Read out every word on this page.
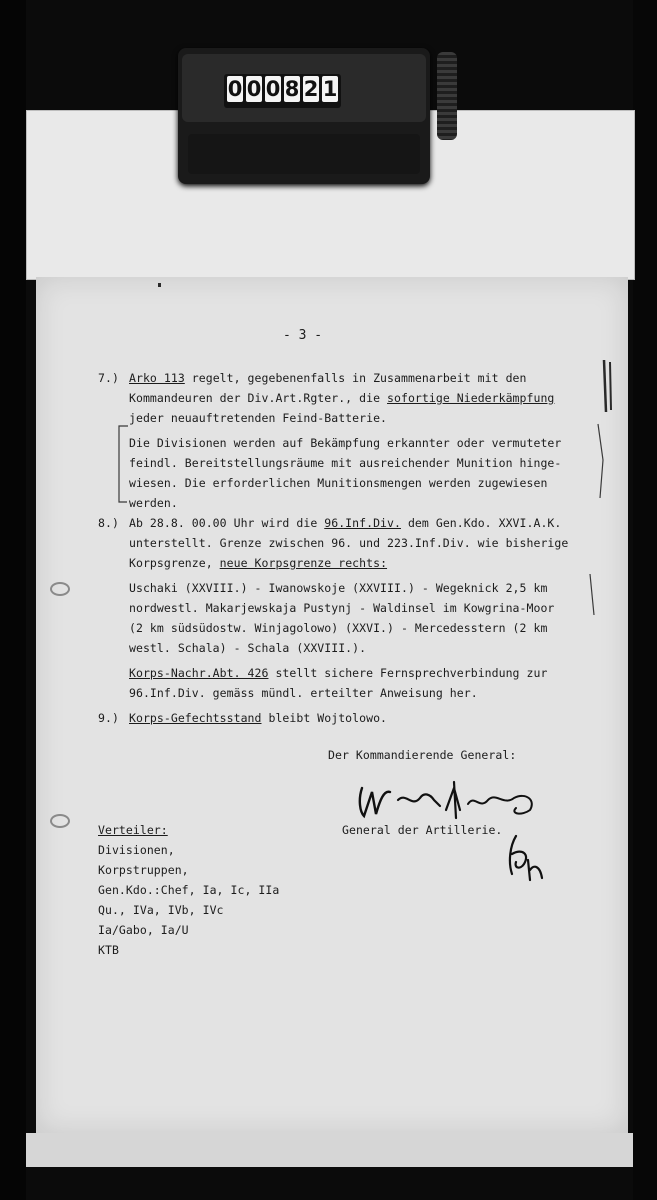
0 0 0 8 2 1
- 3 -
7.) Arko 113 regelt, gegebenenfalls in Zusammenarbeit mit den
Kommandeuren der Div.Art.Rgter., die sofortige Niederkämpfung
jeder neuauftretenden Feind-Batterie.
Die Divisionen werden auf Bekämpfung erkannter oder vermuteter
feindl. Bereitstellungsräume mit ausreichender Munition hinge-
wiesen. Die erforderlichen Munitionsmengen werden zugewiesen
werden.
8.) Ab 28.8. 00.00 Uhr wird die 96.Inf.Div. dem Gen.Kdo. XXVI.A.K.
unterstellt. Grenze zwischen 96. und 223.Inf.Div. wie bisherige
Korpsgrenze, neue Korpsgrenze rechts:
Uschaki (XXVIII.) - Iwanowskoje (XXVIII.) - Wegeknick 2,5 km
nordwestl. Makarjewskaja Pustynj - Waldinsel im Kowgrina-Moor
(2 km südsüdostw. Winjagolowo) (XXVI.) - Mercedesstern (2 km
westl. Schala) - Schala (XXVIII.).
Korps-Nachr.Abt. 426 stellt sichere Fernsprechverbindung zur
96.Inf.Div. gemäss mündl. erteilter Anweisung her.
9.) Korps-Gefechtsstand bleibt Wojtolowo.
Der Kommandierende General:
General der Artillerie.
Verteiler:
Divisionen,
Korpstruppen,
Gen.Kdo.:Chef, Ia, Ic, IIa
Qu., IVa, IVb, IVc
Ia/Gabo, Ia/U
KTB
